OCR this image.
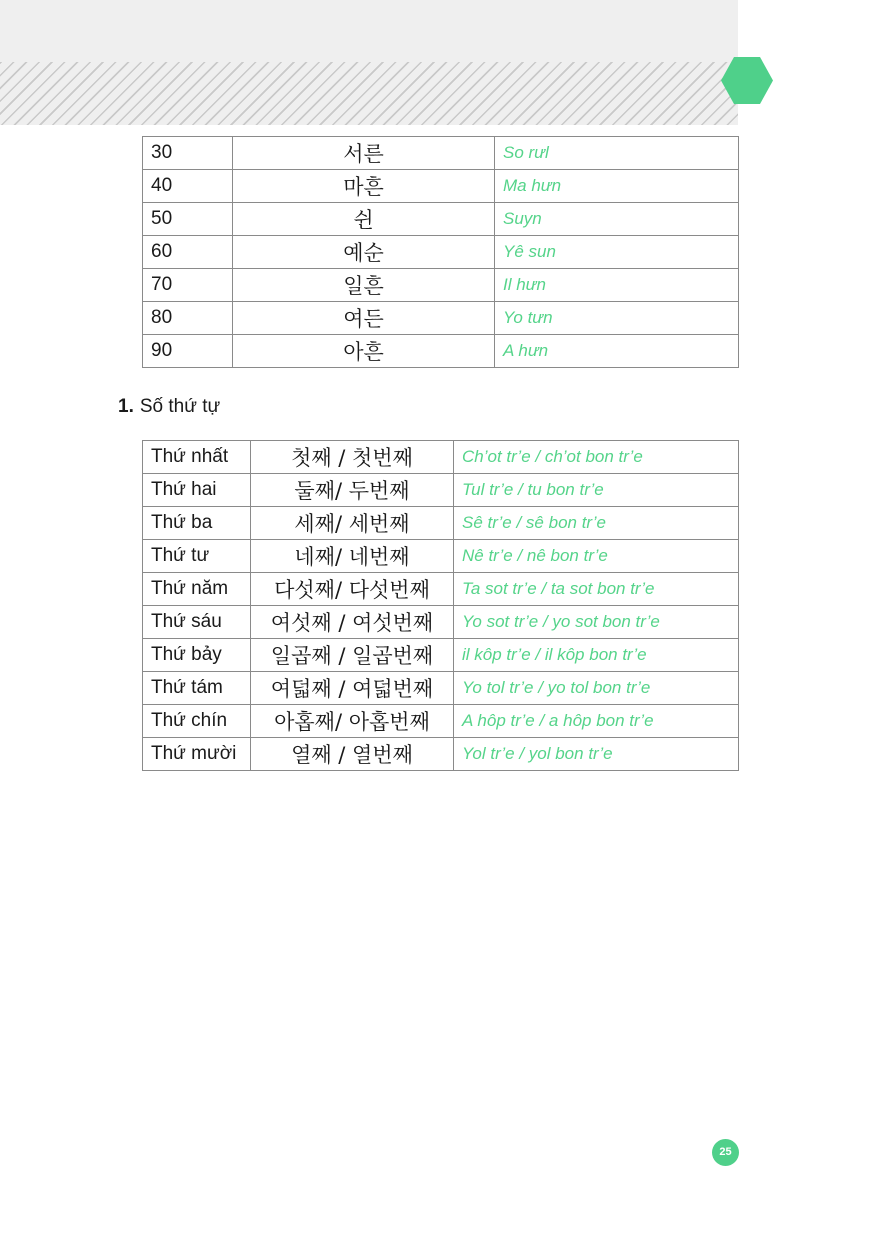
30	서른	So rưl
40	마흔	Ma hưn
50	쉰	Suyn
60	예순	Yê sun
70	일흔	Il hưn
80	여든	Yo tưn
90	아흔	A hưn
1. Số thứ tự
Thứ nhất	첫째 / 첫번째	Ch’ot tr’e / ch’ot bon tr’e
Thứ hai	둘째/ 두번째	Tul tr’e / tu bon tr’e
Thứ ba	세째/ 세번째	Sê tr’e / sê bon tr’e
Thứ tư	네째/ 네번째	Nê tr’e / nê bon tr’e
Thứ năm	다섯째/ 다섯번째	Ta sot tr’e / ta sot bon tr’e
Thứ sáu	여섯째 / 여섯번째	Yo sot tr’e / yo sot bon tr’e
Thứ bảy	일곱째 / 일곱번째	il kôp tr’e / il kôp bon tr’e
Thứ tám	여덟째 / 여덟번째	Yo tol tr’e / yo tol bon tr’e
Thứ chín	아홉째/ 아홉번째	A hôp tr’e / a hôp bon tr’e
Thứ mười	열째 / 열번째	Yol tr’e / yol bon tr’e
25
